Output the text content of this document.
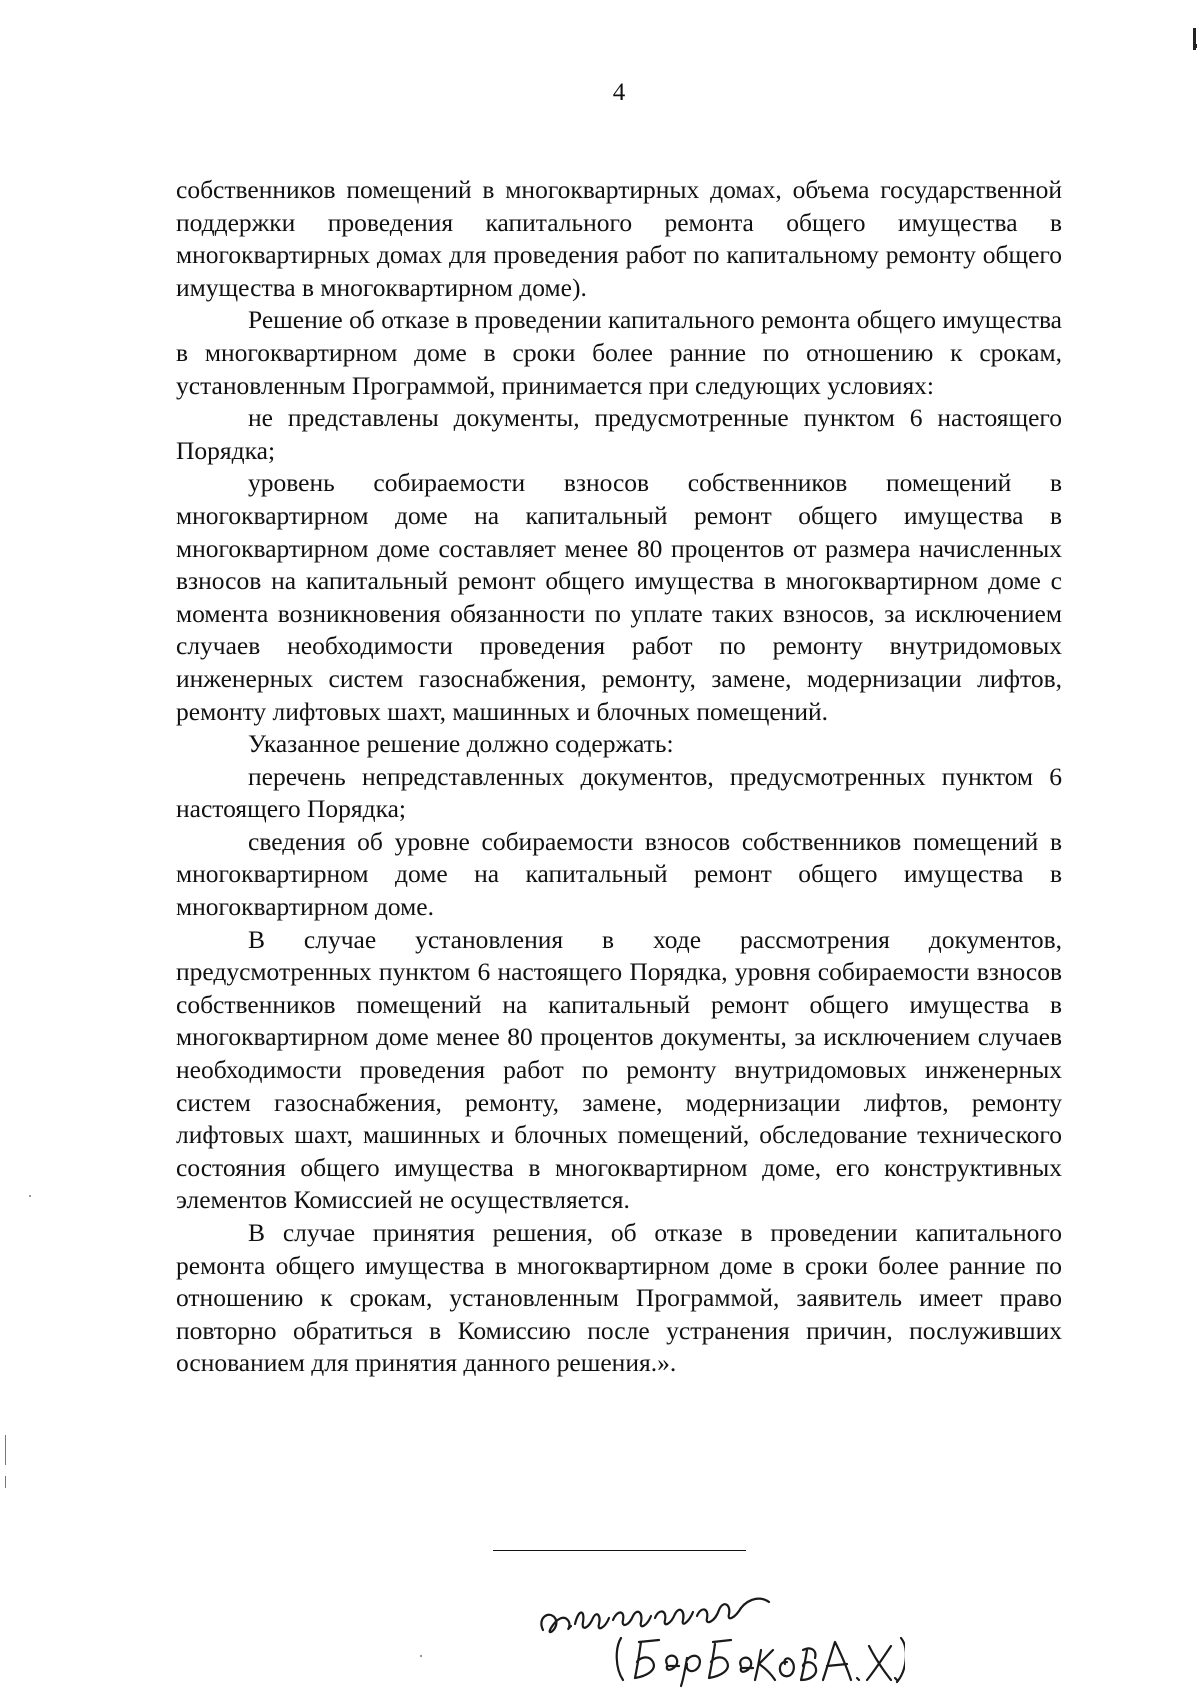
4

собственников помещений в многоквартирных домах, объема государственной поддержки проведения капитального ремонта общего имущества в многоквартирных домах для проведения работ по капитальному ремонту общего имущества в многоквартирном доме).

Решение об отказе в проведении капитального ремонта общего имущества в многоквартирном доме в сроки более ранние по отношению к срокам, установленным Программой, принимается при следующих условиях:

не представлены документы, предусмотренные пунктом 6 настоящего Порядка;

уровень собираемости взносов собственников помещений в многоквартирном доме на капитальный ремонт общего имущества в многоквартирном доме составляет менее 80 процентов от размера начисленных взносов на капитальный ремонт общего имущества в многоквартирном доме с момента возникновения обязанности по уплате таких взносов, за исключением случаев необходимости проведения работ по ремонту внутридомовых инженерных систем газоснабжения, ремонту, замене, модернизации лифтов, ремонту лифтовых шахт, машинных и блочных помещений.

Указанное решение должно содержать:

перечень непредставленных документов, предусмотренных пунктом 6 настоящего Порядка;

сведения об уровне собираемости взносов собственников помещений в многоквартирном доме на капитальный ремонт общего имущества в многоквартирном доме.

В случае установления в ходе рассмотрения документов, предусмотренных пунктом 6 настоящего Порядка, уровня собираемости взносов собственников помещений на капитальный ремонт общего имущества в многоквартирном доме менее 80 процентов документы, за исключением случаев необходимости проведения работ по ремонту внутридомовых инженерных систем газоснабжения, ремонту, замене, модернизации лифтов, ремонту лифтовых шахт, машинных и блочных помещений, обследование технического состояния общего имущества в многоквартирном доме, его конструктивных элементов Комиссией не осуществляется.

В случае принятия решения, об отказе в проведении капитального ремонта общего имущества в многоквартирном доме в сроки более ранние по отношению к срокам, установленным Программой, заявитель имеет право повторно обратиться в Комиссию после устранения причин, послуживших основанием для принятия данного решения.».
